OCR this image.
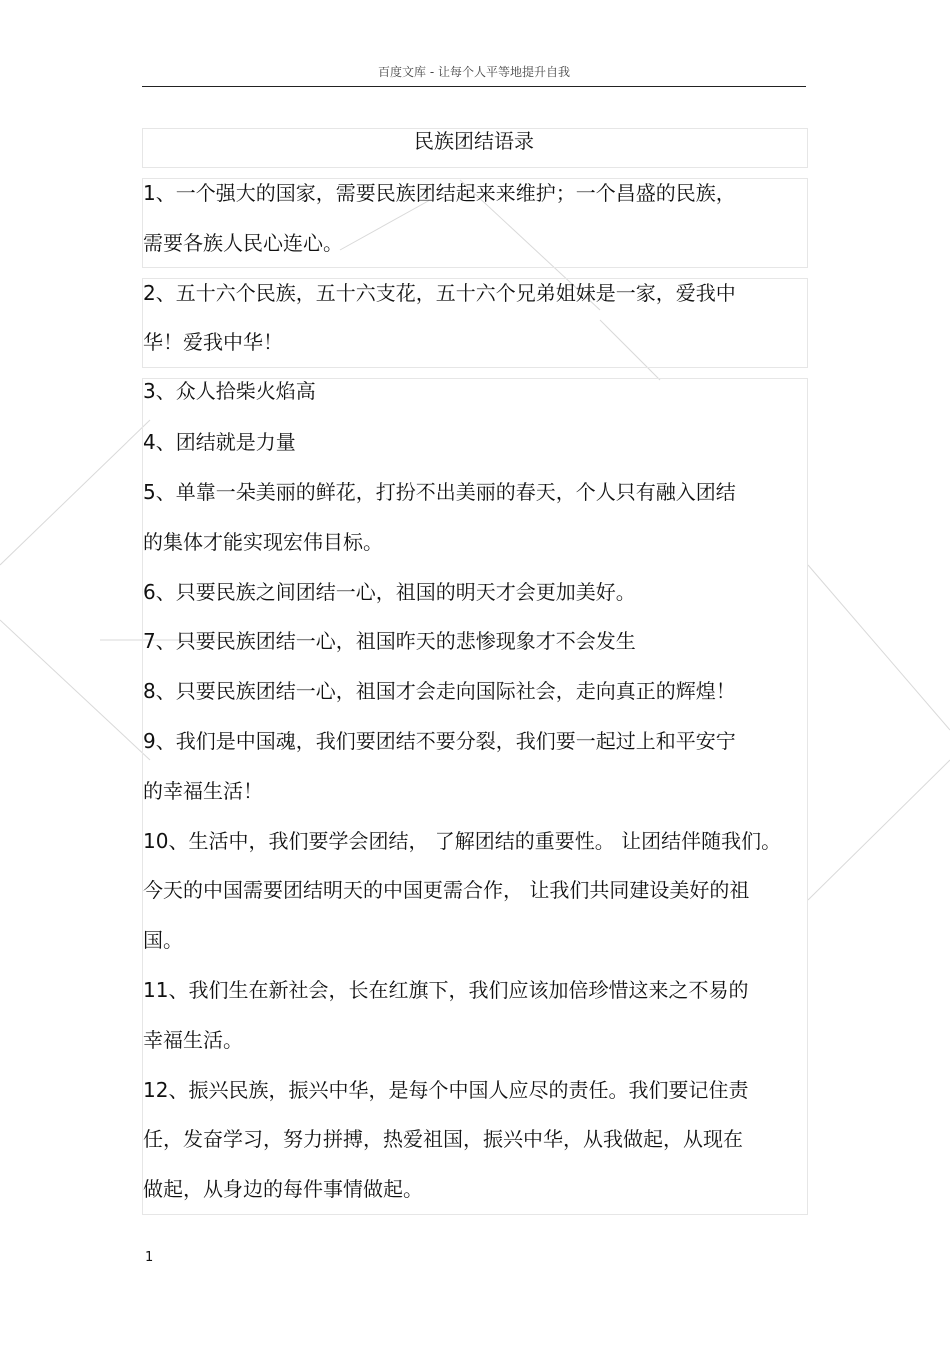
百度文库 - 让每个人平等地提升自我
民族团结语录
1、一个强大的国家，需要民族团结起来来维护；一个昌盛的民族，
需要各族人民心连心。
2、五十六个民族，五十六支花，五十六个兄弟姐妹是一家，爱我中
华！爱我中华！
3、众人拾柴火焰高
4、团结就是力量
5、单靠一朵美丽的鲜花，打扮不出美丽的春天，个人只有融入团结
的集体才能实现宏伟目标。
6、只要民族之间团结一心，祖国的明天才会更加美好。
7、只要民族团结一心，祖国昨天的悲惨现象才不会发生
8、只要民族团结一心，祖国才会走向国际社会，走向真正的辉煌！
9、我们是中国魂，我们要团结不要分裂，我们要一起过上和平安宁
的幸福生活！
10、生活中，我们要学会团结， 了解团结的重要性。 让团结伴随我们。
今天的中国需要团结明天的中国更需合作， 让我们共同建设美好的祖
国。
11、我们生在新社会，长在红旗下，我们应该加倍珍惜这来之不易的
幸福生活。
12、振兴民族，振兴中华，是每个中国人应尽的责任。我们要记住责
任，发奋学习，努力拼搏，热爱祖国，振兴中华，从我做起，从现在
做起，从身边的每件事情做起。
1
